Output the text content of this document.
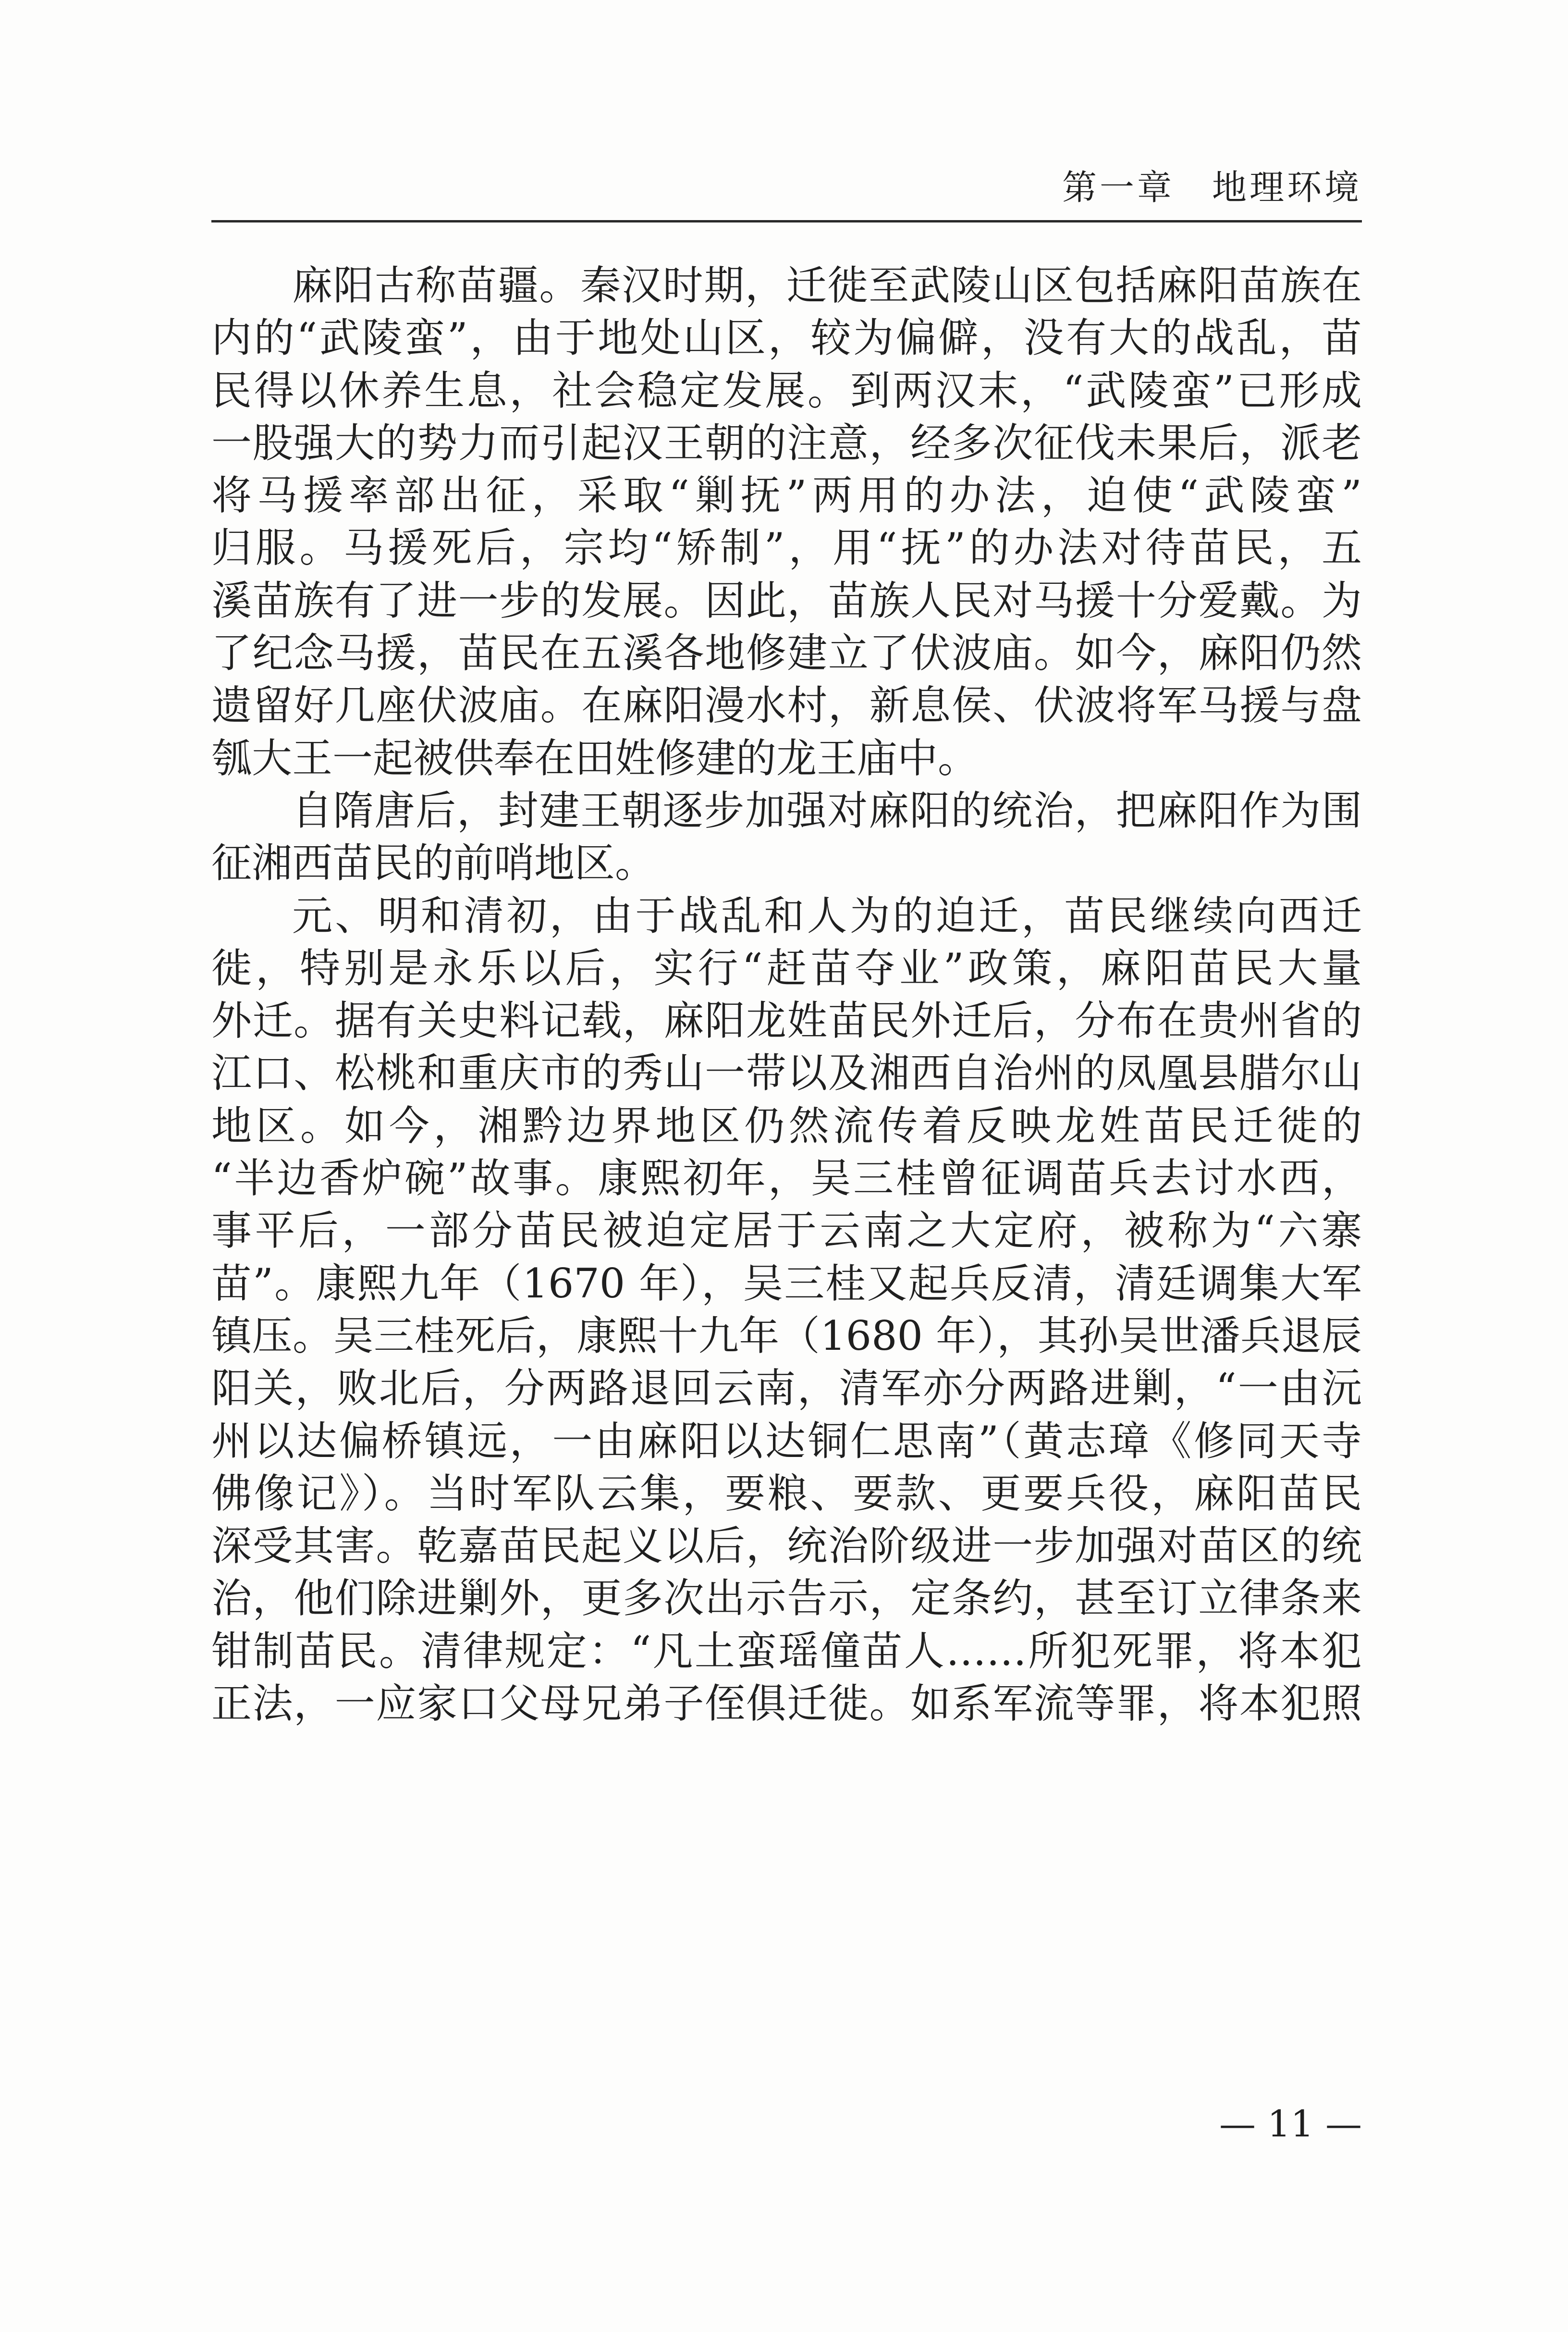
第一章　地理环境
麻阳古称苗疆。秦汉时期，迁徙至武陵山区包括麻阳苗族在
内的“武陵蛮”，由于地处山区，较为偏僻，没有大的战乱，苗
民得以休养生息，社会稳定发展。到两汉末，“武陵蛮”已形成
一股强大的势力而引起汉王朝的注意，经多次征伐未果后，派老
将马援率部出征，采取“剿抚”两用的办法，迫使“武陵蛮”
归服。马援死后，宗均“矫制”，用“抚”的办法对待苗民，五
溪苗族有了进一步的发展。因此，苗族人民对马援十分爱戴。为
了纪念马援，苗民在五溪各地修建立了伏波庙。如今，麻阳仍然
遗留好几座伏波庙。在麻阳漫水村，新息侯、伏波将军马援与盘
瓠大王一起被供奉在田姓修建的龙王庙中。
自隋唐后，封建王朝逐步加强对麻阳的统治，把麻阳作为围
征湘西苗民的前哨地区。
元、明和清初，由于战乱和人为的迫迁，苗民继续向西迁
徙，特别是永乐以后，实行“赶苗夺业”政策，麻阳苗民大量
外迁。据有关史料记载，麻阳龙姓苗民外迁后，分布在贵州省的
江口、松桃和重庆市的秀山一带以及湘西自治州的凤凰县腊尔山
地区。如今，湘黔边界地区仍然流传着反映龙姓苗民迁徙的
“半边香炉碗”故事。康熙初年，吴三桂曾征调苗兵去讨水西，
事平后，一部分苗民被迫定居于云南之大定府，被称为“六寨
苗”。康熙九年（1670 年），吴三桂又起兵反清，清廷调集大军
镇压。吴三桂死后，康熙十九年（1680 年），其孙吴世潘兵退辰
阳关，败北后，分两路退回云南，清军亦分两路进剿，“一由沅
州以达偏桥镇远，一由麻阳以达铜仁思南”（黄志璋《修同天寺
佛像记》）。当时军队云集，要粮、要款、更要兵役，麻阳苗民
深受其害。乾嘉苗民起义以后，统治阶级进一步加强对苗区的统
治，他们除进剿外，更多次出示告示，定条约，甚至订立律条来
钳制苗民。清律规定：“凡土蛮瑶僮苗人……所犯死罪，将本犯
正法，一应家口父母兄弟子侄俱迁徙。如系军流等罪，将本犯照
— 11 —
